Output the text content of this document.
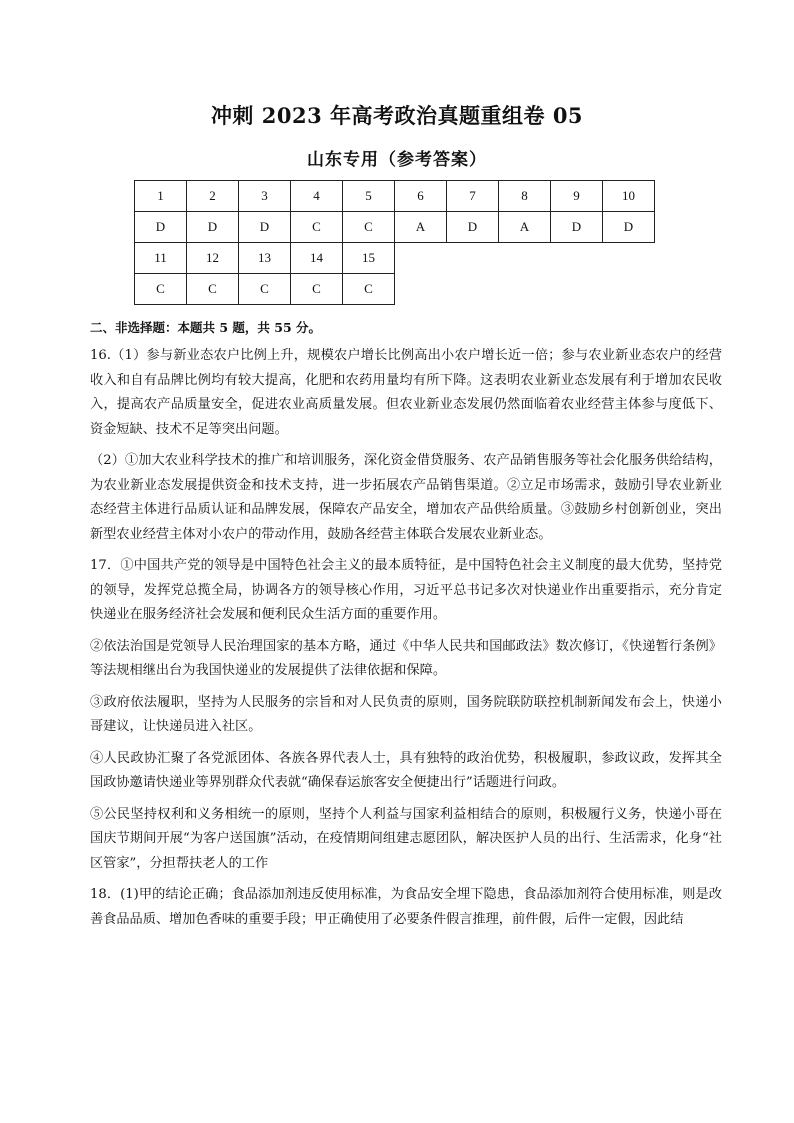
冲刺 2023 年高考政治真题重组卷 05
山东专用（参考答案）
1	2	3	4	5	6	7	8	9	10
D	D	D	C	C	A	D	A	D	D
11	12	13	14	15					
C	C	C	C	C					
二、非选择题：本题共 5 题，共 55 分。

16.（1）参与新业态农户比例上升，规模农户增长比例高出小农户增长近一倍；参与农业新业态农户的经营收入和自有品牌比例均有较大提高，化肥和农药用量均有所下降。这表明农业新业态发展有利于增加农民收入，提高农产品质量安全，促进农业高质量发展。但农业新业态发展仍然面临着农业经营主体参与度低下、资金短缺、技术不足等突出问题。

（2）①加大农业科学技术的推广和培训服务，深化资金借贷服务、农产品销售服务等社会化服务供给结构，为农业新业态发展提供资金和技术支持，进一步拓展农产品销售渠道。②立足市场需求，鼓励引导农业新业态经营主体进行品质认证和品牌发展，保障农产品安全，增加农产品供给质量。③鼓励乡村创新创业，突出新型农业经营主体对小农户的带动作用，鼓励各经营主体联合发展农业新业态。

17．①中国共产党的领导是中国特色社会主义的最本质特征，是中国特色社会主义制度的最大优势，坚持党的领导，发挥党总揽全局，协调各方的领导核心作用，习近平总书记多次对快递业作出重要指示，充分肯定快递业在服务经济社会发展和便利民众生活方面的重要作用。

②依法治国是党领导人民治理国家的基本方略，通过《中华人民共和国邮政法》数次修订，《快递暂行条例》等法规相继出台为我国快递业的发展提供了法律依据和保障。

③政府依法履职，坚持为人民服务的宗旨和对人民负责的原则，国务院联防联控机制新闻发布会上，快递小哥建议，让快递员进入社区。

④人民政协汇聚了各党派团体、各族各界代表人士，具有独特的政治优势，积极履职，参政议政，发挥其全国政协邀请快递业等界别群众代表就“确保春运旅客安全便捷出行”话题进行问政。

⑤公民坚持权利和义务相统一的原则，坚持个人利益与国家利益相结合的原则，积极履行义务，快递小哥在国庆节期间开展“为客户送国旗”活动，在疫情期间组建志愿团队，解决医护人员的出行、生活需求，化身“社区管家”，分担帮扶老人的工作

18．(1)甲的结论正确；食品添加剂违反使用标准，为食品安全埋下隐患，食品添加剂符合使用标准，则是改善食品品质、增加色香味的重要手段；甲正确使用了必要条件假言推理，前件假，后件一定假，因此结
